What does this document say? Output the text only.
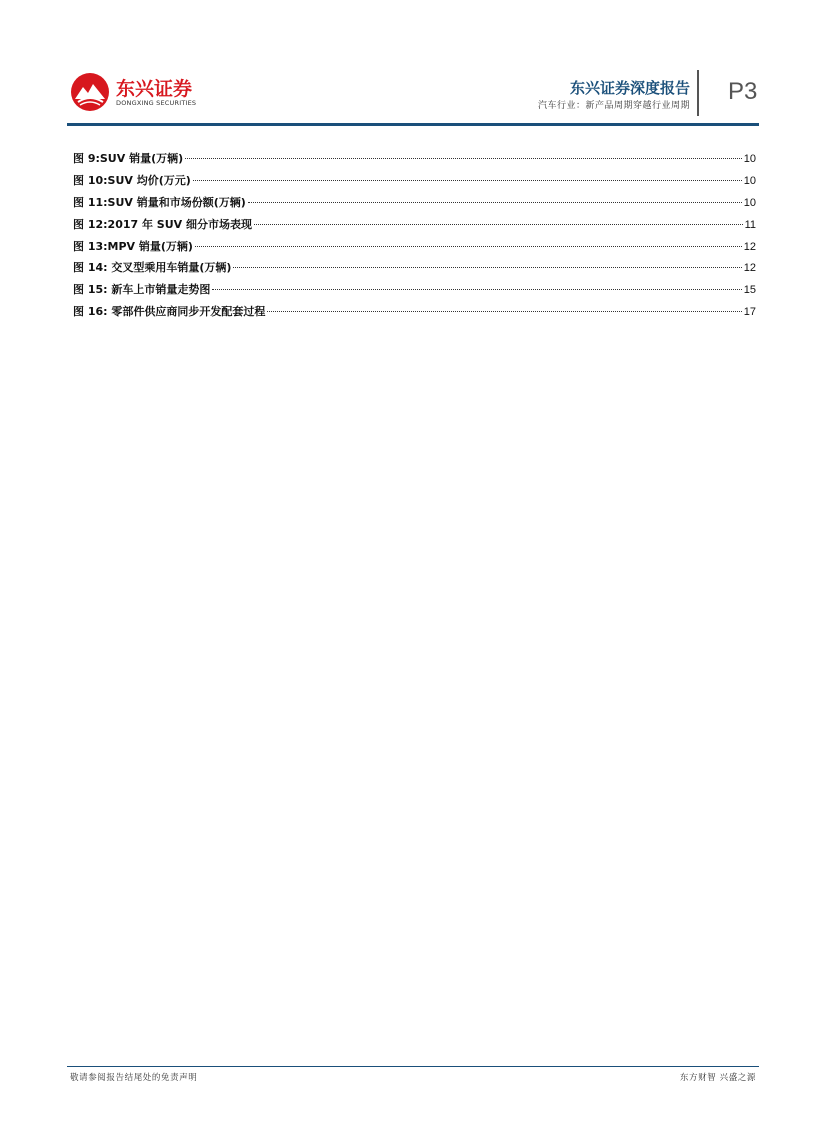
东兴证券
DONGXING SECURITIES
东兴证券深度报告
汽车行业：新产品周期穿越行业周期
P3
图 9:SUV 销量(万辆)	10
图 10:SUV 均价(万元)	10
图 11:SUV 销量和市场份额(万辆)	10
图 12:2017 年 SUV 细分市场表现	11
图 13:MPV 销量(万辆)	12
图 14: 交叉型乘用车销量(万辆)	12
图 15: 新车上市销量走势图	15
图 16: 零部件供应商同步开发配套过程	17
敬请参阅报告结尾处的免责声明	东方财智 兴盛之源
